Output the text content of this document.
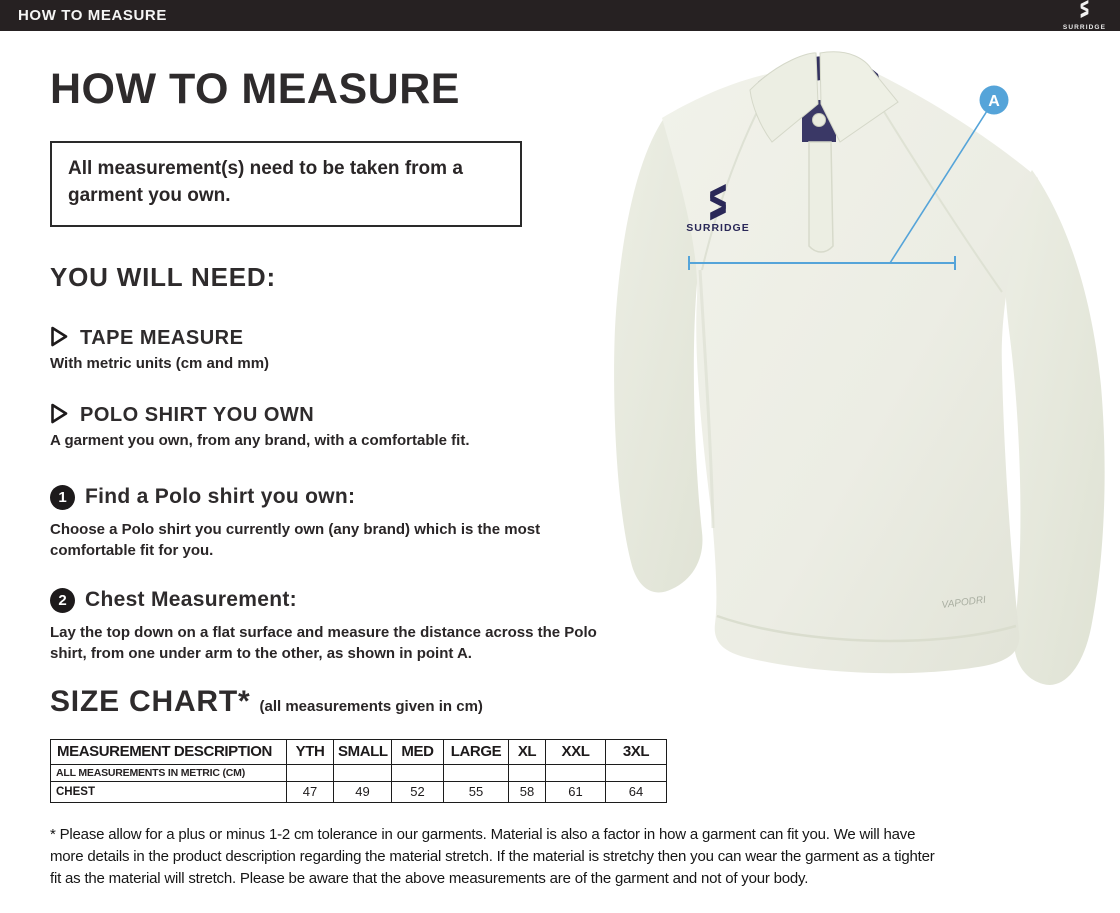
HOW TO MEASURE
SURRIDGE
HOW TO MEASURE
All measurement(s) need to be taken from a garment you own.
YOU WILL NEED:
TAPE MEASURE
With metric units (cm and mm)
POLO SHIRT YOU OWN
A garment you own, from any brand, with a comfortable fit.
1 Find a Polo shirt you own:
Choose a Polo shirt you currently own (any brand) which is the most comfortable fit for you.
2 Chest Measurement:
Lay the top down on a flat surface and measure the distance across the Polo shirt, from one under arm to the other, as shown in point A.
SIZE CHART* (all measurements given in cm)
MEASUREMENT DESCRIPTION	YTH	SMALL	MED	LARGE	XL	XXL	3XL
ALL MEASUREMENTS IN METRIC (CM)							
CHEST	47	49	52	55	58	61	64
* Please allow for a plus or minus 1-2 cm tolerance in our garments. Material is also a factor in how a garment can fit you. We will have more details in the product description regarding the material stretch. If the material is stretchy then you can wear the garment as a tighter fit as the material will stretch. Please be aware that the above measurements are of the garment and not of your body.
SURRIDGE
VAPODRI
A
